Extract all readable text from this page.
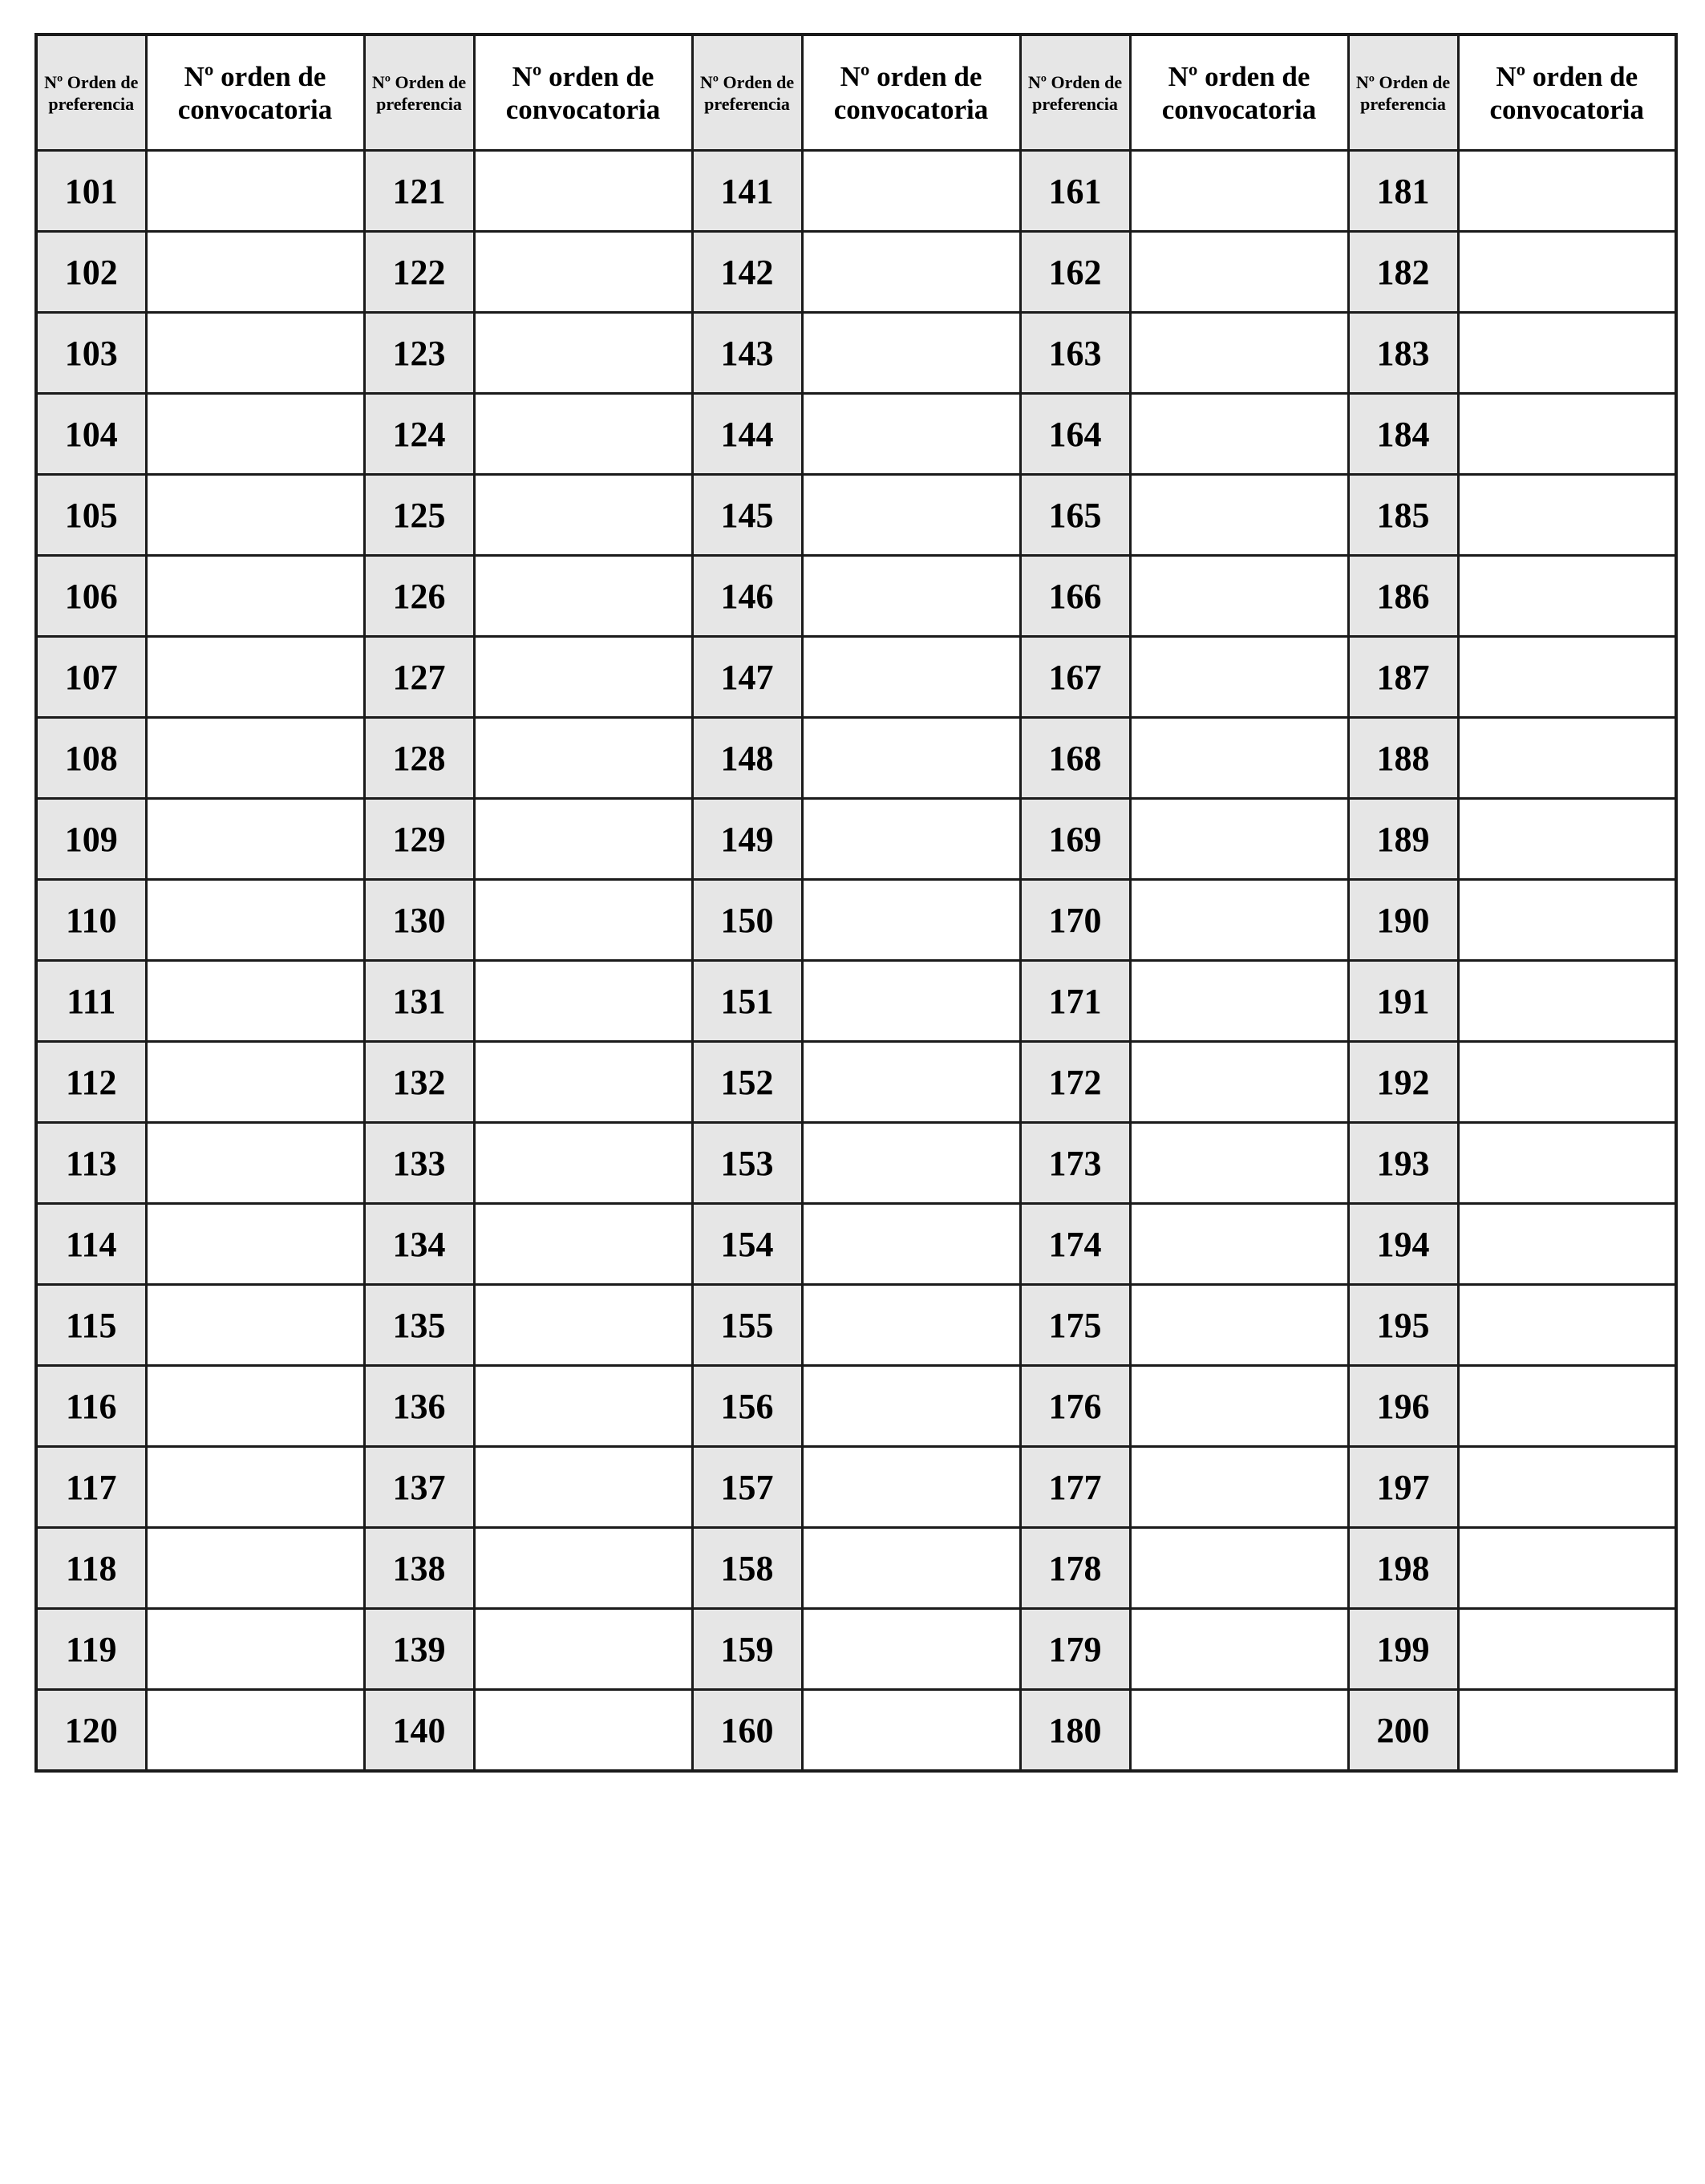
Nº Orden de preferencia	Nº orden de convocatoria	Nº Orden de preferencia	Nº orden de convocatoria	Nº Orden de preferencia	Nº orden de convocatoria	Nº Orden de preferencia	Nº orden de convocatoria	Nº Orden de preferencia	Nº orden de convocatoria
101		121		141		161		181	
102		122		142		162		182	
103		123		143		163		183	
104		124		144		164		184	
105		125		145		165		185	
106		126		146		166		186	
107		127		147		167		187	
108		128		148		168		188	
109		129		149		169		189	
110		130		150		170		190	
111		131		151		171		191	
112		132		152		172		192	
113		133		153		173		193	
114		134		154		174		194	
115		135		155		175		195	
116		136		156		176		196	
117		137		157		177		197	
118		138		158		178		198	
119		139		159		179		199	
120		140		160		180		200	
